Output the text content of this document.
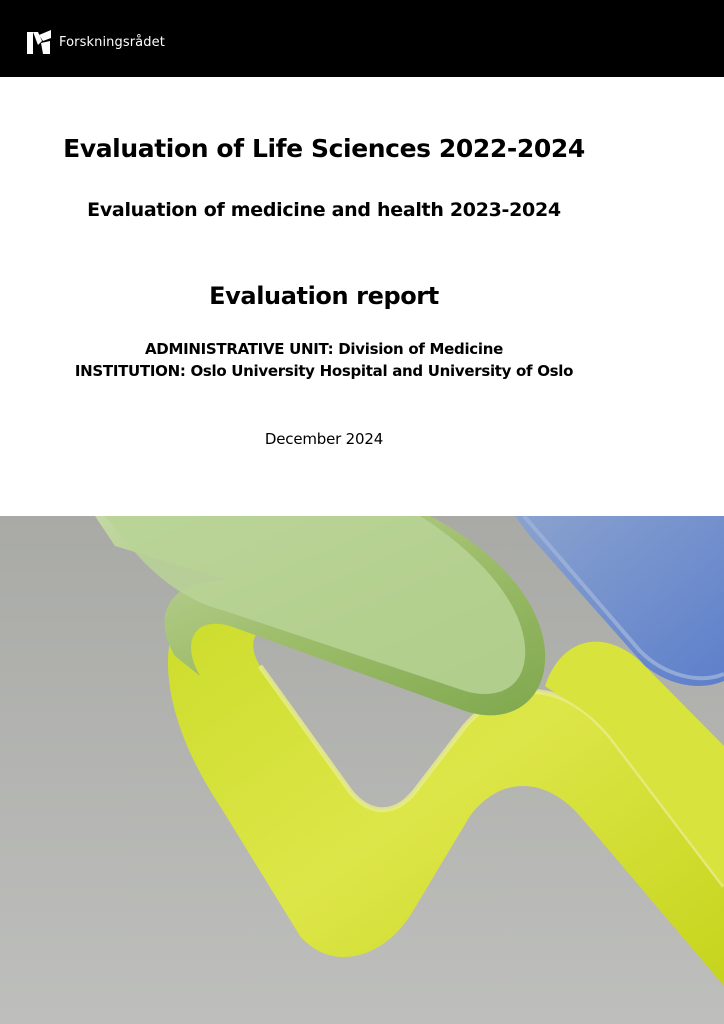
Forskningsrådet
Evaluation of Life Sciences 2022-2024
Evaluation of medicine and health 2023-2024
Evaluation report
ADMINISTRATIVE UNIT: Division of Medicine
INSTITUTION: Oslo University Hospital and University of Oslo
December 2024
